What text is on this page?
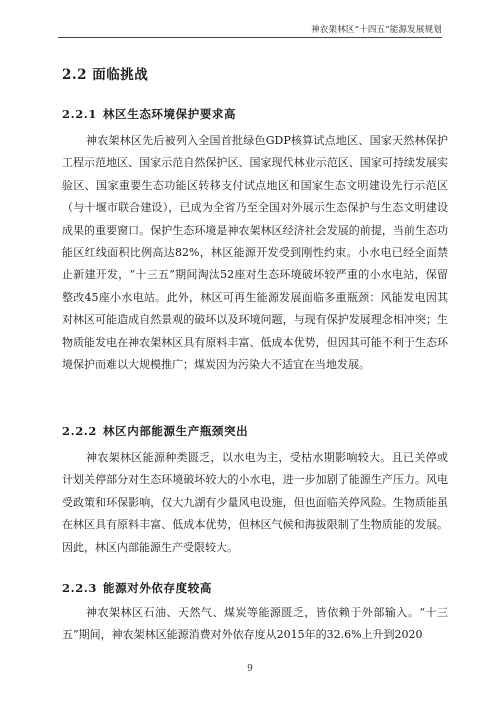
神农架林区“十四五”能源发展规划
2.2 面临挑战
2.2.1 林区生态环境保护要求高

神农架林区先后被列入全国首批绿色GDP核算试点地区、国家天然林保护工程示范地区、国家示范自然保护区、国家现代林业示范区、国家可持续发展实验区、国家重要生态功能区转移支付试点地区和国家生态文明建设先行示范区（与十堰市联合建设），已成为全省乃至全国对外展示生态保护与生态文明建设成果的重要窗口。保护生态环境是神农架林区经济社会发展的前提，当前生态功能区红线面积比例高达82%，林区能源开发受到刚性约束。小水电已经全面禁止新建开发，“十三五”期间淘汰52座对生态环境破坏较严重的小水电站，保留整改45座小水电站。此外，林区可再生能源发展面临多重瓶颈：风能发电因其对林区可能造成自然景观的破坏以及环境问题，与现有保护发展理念相冲突；生物质能发电在神农架林区具有原料丰富、低成本优势，但因其可能不利于生态环境保护而难以大规模推广；煤炭因为污染大不适宜在当地发展。

2.2.2 林区内部能源生产瓶颈突出

神农架林区能源种类匮乏，以水电为主，受枯水期影响较大。且已关停或计划关停部分对生态环境破坏较大的小水电，进一步加剧了能源生产压力。风电受政策和环保影响，仅大九湖有少量风电设施，但也面临关停风险。生物质能虽在林区具有原料丰富、低成本优势，但林区气候和海拔限制了生物质能的发展。因此，林区内部能源生产受限较大。

2.2.3 能源对外依存度较高

神农架林区石油、天然气、煤炭等能源匮乏，皆依赖于外部输入。“十三五”期间，神农架林区能源消费对外依存度从2015年的32.6%上升到2020

9
